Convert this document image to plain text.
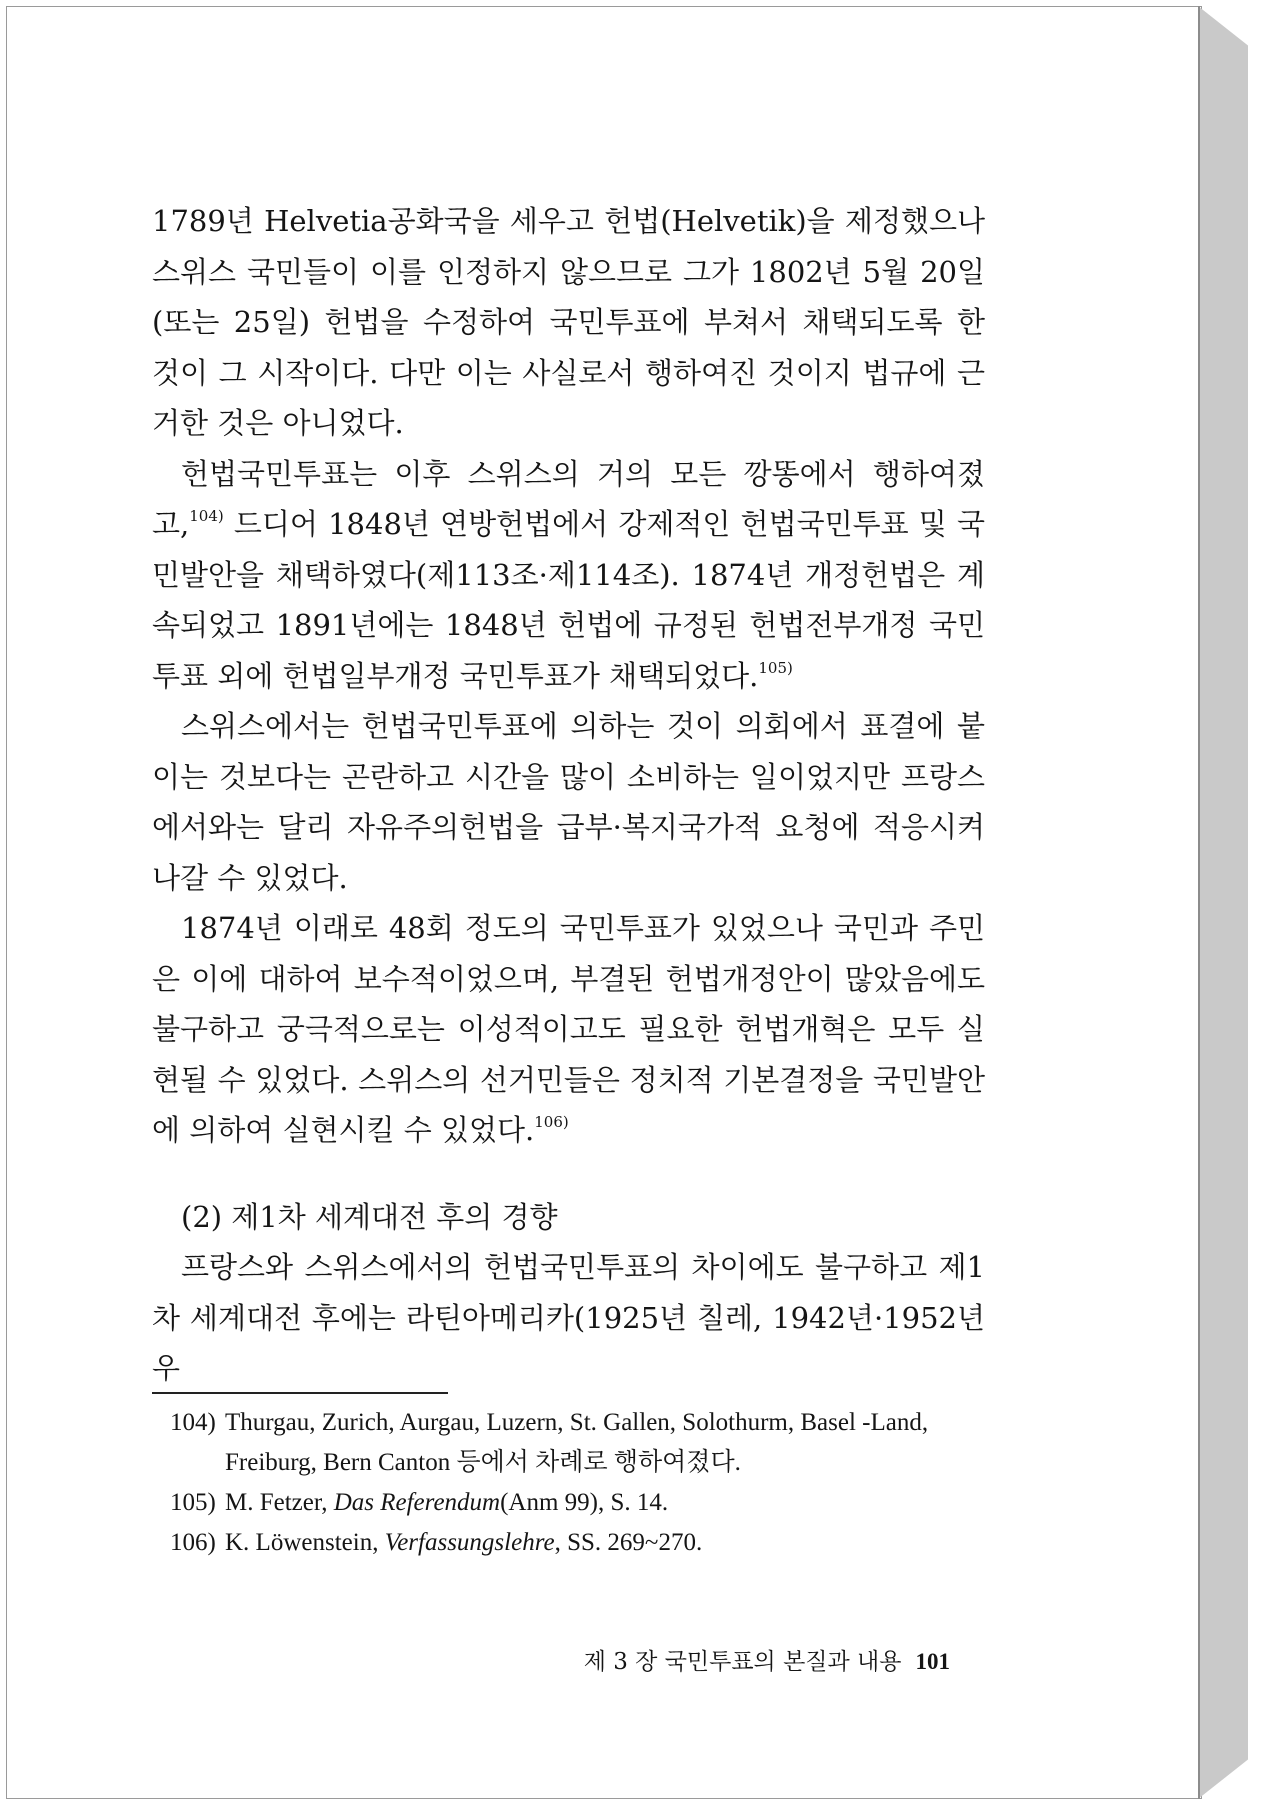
1789년 Helvetia공화국을 세우고 헌법(Helvetik)을 제정했으나 스위스 국민들이 이를 인정하지 않으므로 그가 1802년 5월 20일(또는 25일) 헌법을 수정하여 국민투표에 부쳐서 채택되도록 한 것이 그 시작이다. 다만 이는 사실로서 행하여진 것이지 법규에 근거한 것은 아니었다.

헌법국민투표는 이후 스위스의 거의 모든 깡똥에서 행하여졌고,$^{104)}$ 드디어 1848년 연방헌법에서 강제적인 헌법국민투표 및 국민발안을 채택하였다(제113조·제114조). 1874년 개정헌법은 계속되었고 1891년에는 1848년 헌법에 규정된 헌법전부개정 국민투표 외에 헌법일부개정 국민투표가 채택되었다.$^{105)}$

스위스에서는 헌법국민투표에 의하는 것이 의회에서 표결에 붙이는 것보다는 곤란하고 시간을 많이 소비하는 일이었지만 프랑스에서와는 달리 자유주의헌법을 급부·복지국가적 요청에 적응시켜 나갈 수 있었다.

1874년 이래로 48회 정도의 국민투표가 있었으나 국민과 주민은 이에 대하여 보수적이었으며, 부결된 헌법개정안이 많았음에도 불구하고 궁극적으로는 이성적이고도 필요한 헌법개혁은 모두 실현될 수 있었다. 스위스의 선거민들은 정치적 기본결정을 국민발안에 의하여 실현시킬 수 있었다.$^{106)}$

(2) 제1차 세계대전 후의 경향

프랑스와 스위스에서의 헌법국민투표의 차이에도 불구하고 제1차 세계대전 후에는 라틴아메리카(1925년 칠레, 1942년·1952년 우

104) Thurgau, Zurich, Aurgau, Luzern, St. Gallen, Solothurm, Basel -Land, Freiburg, Bern Canton 등에서 차례로 행하여졌다.

105) M. Fetzer, Das Referendum(Anm 99), S. 14.

106) K. Löwenstein, Verfassungslehre, SS. 269~270.

제 3 장 국민투표의 본질과 내용 101
